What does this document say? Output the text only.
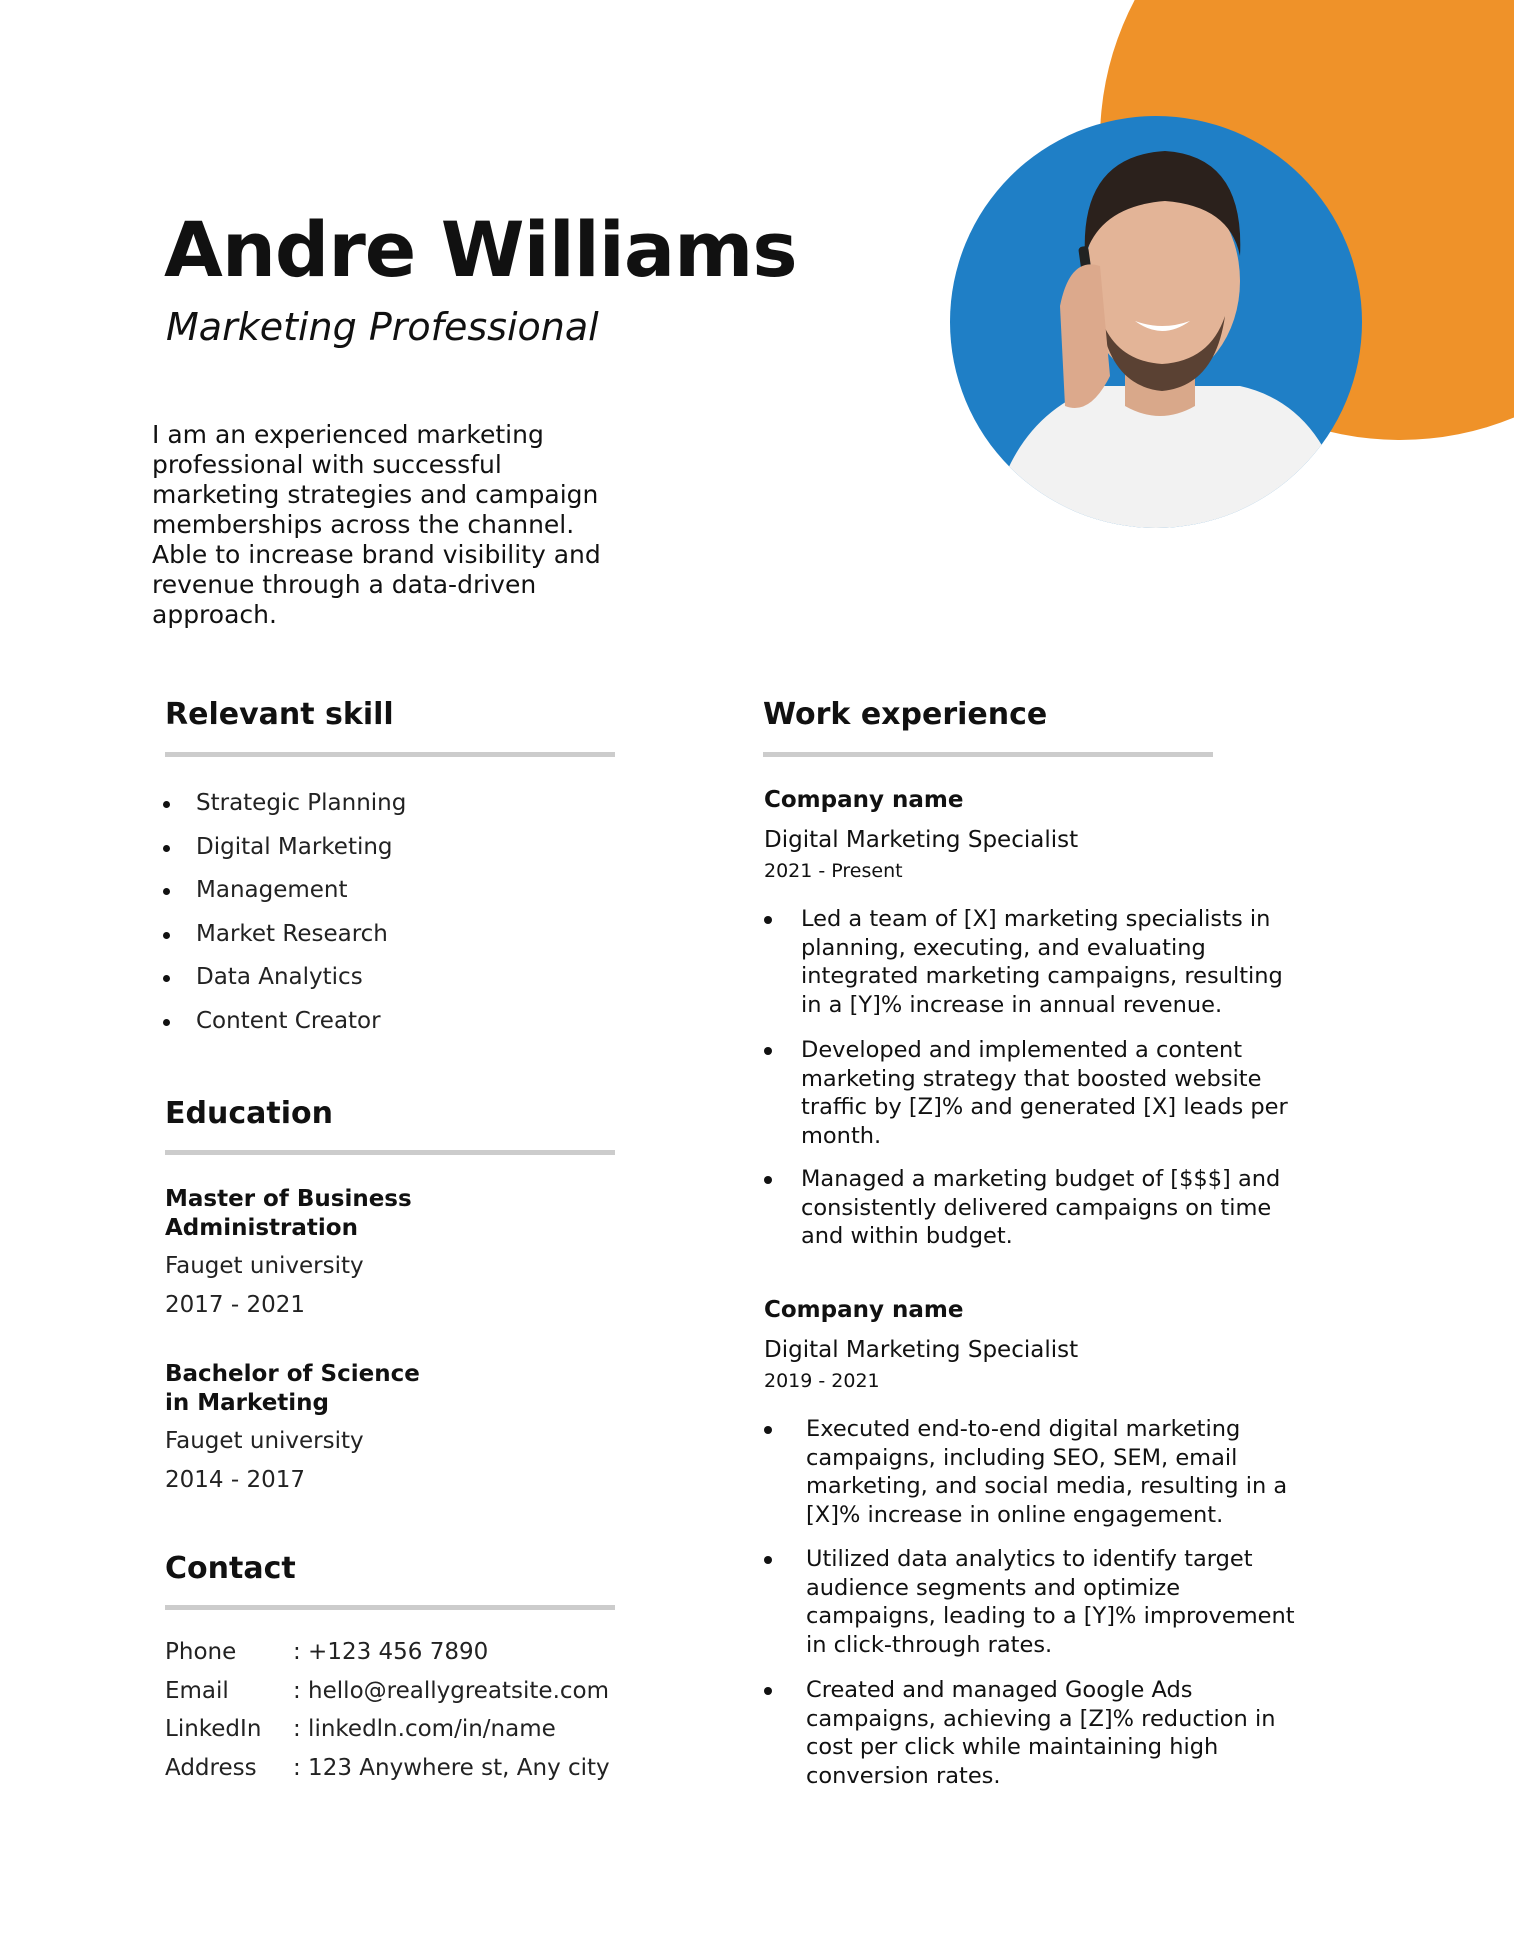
Andre Williams
Marketing Professional
I am an experienced marketing
professional with successful
marketing strategies and campaign
memberships across the channel.
Able to increase brand visibility and
revenue through a data-driven
approach.
Relevant skill
Strategic Planning
Digital Marketing
Management
Market Research
Data Analytics
Content Creator
Education
Master of Business
Administration
Fauget university
2017 - 2021
Bachelor of Science
in Marketing
Fauget university
2014 - 2017
Contact
Phone : +123 456 7890
Email	: hello@reallygreatsite.com
LinkedIn : linkedln.com/in/name
Address : 123 Anywhere st, Any city
Work experience
Company name
Digital Marketing Specialist
2021 - Present
Led a team of [X] marketing specialists in
planning, executing, and evaluating
integrated marketing campaigns, resulting
in a [Y]% increase in annual revenue.
Developed and implemented a content
marketing strategy that boosted website
traffic by [Z]% and generated [X] leads per
month.
Managed a marketing budget of [$$$] and
consistently delivered campaigns on time
and within budget.
Company name
Digital Marketing Specialist
2019 - 2021
Executed end-to-end digital marketing
campaigns, including SEO, SEM, email
marketing, and social media, resulting in a
[X]% increase in online engagement.
Utilized data analytics to identify target
audience segments and optimize
campaigns, leading to a [Y]% improvement
in click-through rates.
Created and managed Google Ads
campaigns, achieving a [Z]% reduction in
cost per click while maintaining high
conversion rates.
